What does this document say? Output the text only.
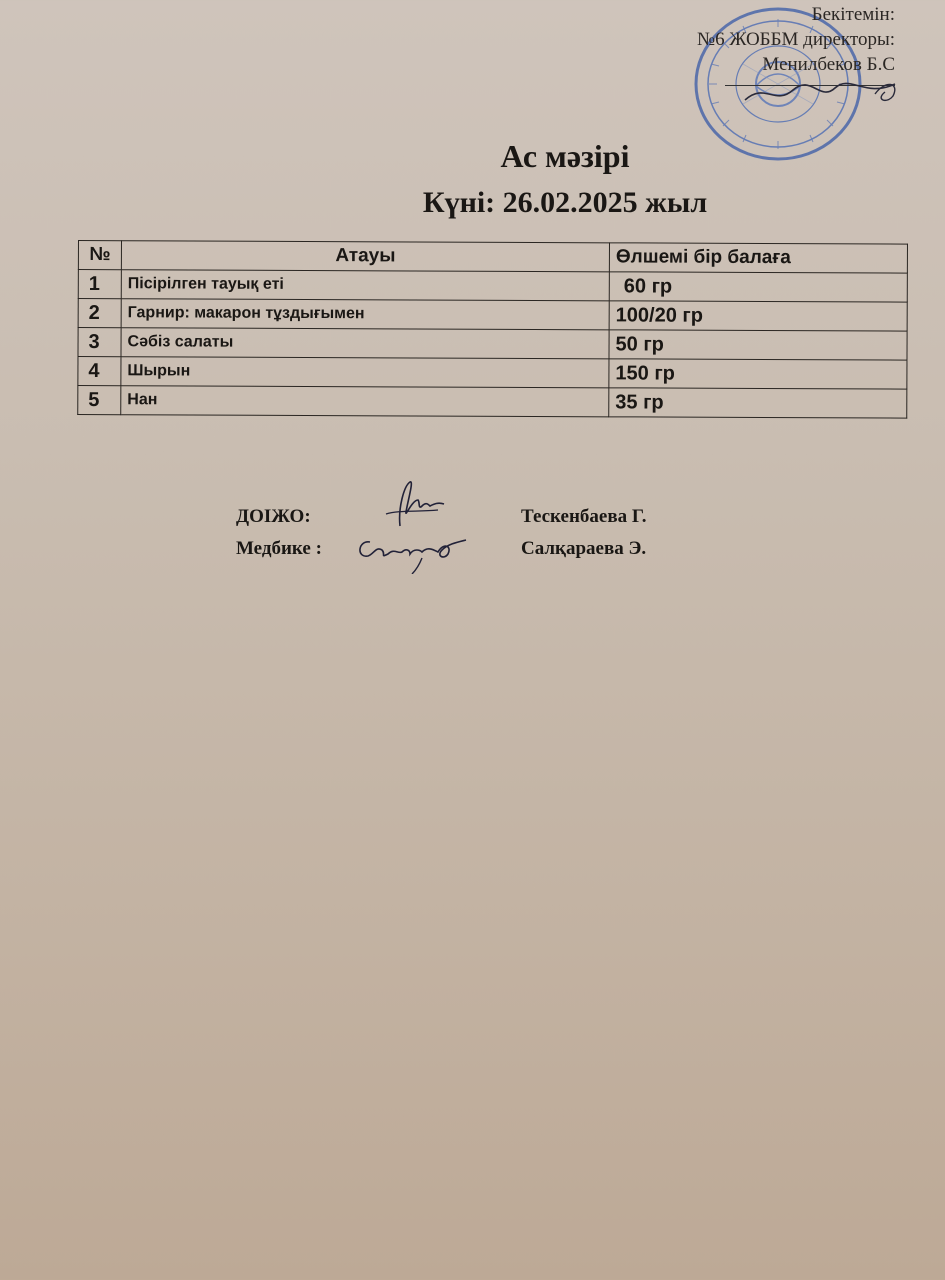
Бекітемін:
№6 ЖОББМ директоры:
Менилбеков Б.С
Ас мәзірі
Күні: 26.02.2025 жыл
№	Атауы	Өлшемі бір балаға
1	Пісірілген тауық еті	60 гр
2	Гарнир: макарон тұздығымен	100/20 гр
3	Сәбіз салаты	50 гр
4	Шырын	150 гр
5	Нан	35 гр
ДОІЖО:	Тескенбаева Г.
Медбике :	Салқараева Э.
